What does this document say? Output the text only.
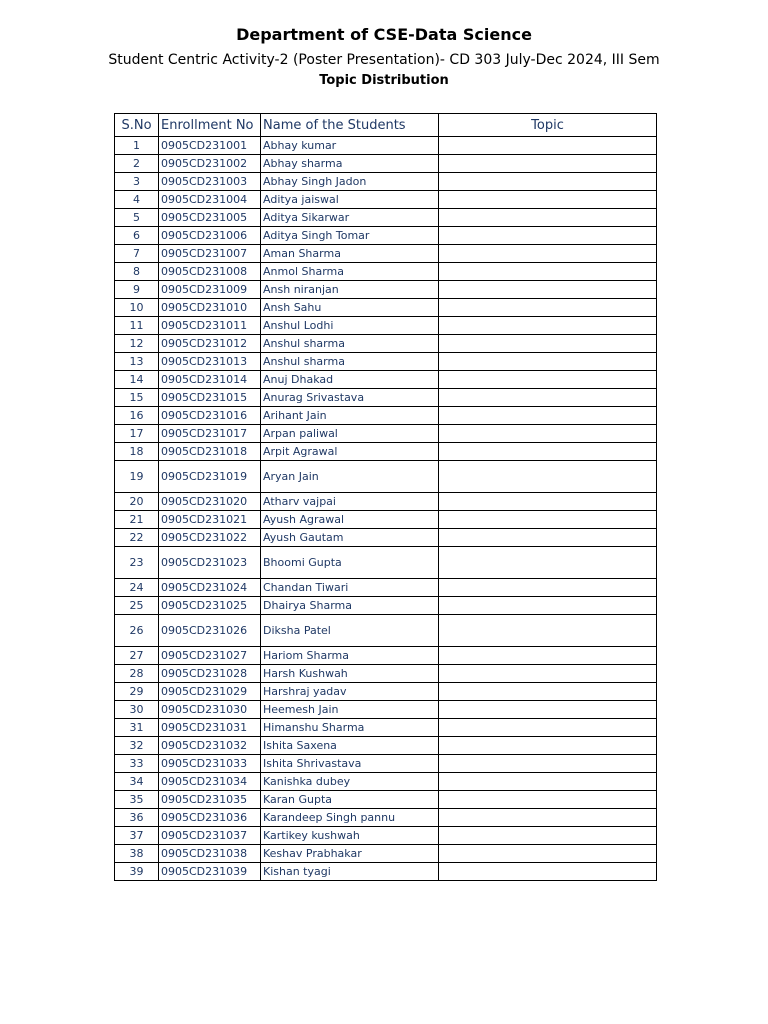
Department of CSE-Data Science
Student Centric Activity-2 (Poster Presentation)- CD 303 July-Dec 2024, III Sem
Topic Distribution
S.No	Enrollment No	Name of the Students	Topic
1	0905CD231001	Abhay kumar	
2	0905CD231002	Abhay sharma	
3	0905CD231003	Abhay Singh Jadon	
4	0905CD231004	Aditya jaiswal	
5	0905CD231005	Aditya Sikarwar	
6	0905CD231006	Aditya Singh Tomar	
7	0905CD231007	Aman Sharma	
8	0905CD231008	Anmol Sharma	
9	0905CD231009	Ansh niranjan	
10	0905CD231010	Ansh Sahu	
11	0905CD231011	Anshul Lodhi	
12	0905CD231012	Anshul sharma	
13	0905CD231013	Anshul sharma	
14	0905CD231014	Anuj Dhakad	
15	0905CD231015	Anurag Srivastava	
16	0905CD231016	Arihant Jain	
17	0905CD231017	Arpan paliwal	
18	0905CD231018	Arpit Agrawal	
19	0905CD231019	Aryan Jain	
20	0905CD231020	Atharv vajpai	
21	0905CD231021	Ayush Agrawal	
22	0905CD231022	Ayush Gautam	
23	0905CD231023	Bhoomi Gupta	
24	0905CD231024	Chandan Tiwari	
25	0905CD231025	Dhairya Sharma	
26	0905CD231026	Diksha Patel	
27	0905CD231027	Hariom Sharma	
28	0905CD231028	Harsh Kushwah	
29	0905CD231029	Harshraj yadav	
30	0905CD231030	Heemesh Jain	
31	0905CD231031	Himanshu Sharma	
32	0905CD231032	Ishita Saxena	
33	0905CD231033	Ishita Shrivastava	
34	0905CD231034	Kanishka dubey	
35	0905CD231035	Karan Gupta	
36	0905CD231036	Karandeep Singh pannu	
37	0905CD231037	Kartikey kushwah	
38	0905CD231038	Keshav Prabhakar	
39	0905CD231039	Kishan tyagi	
